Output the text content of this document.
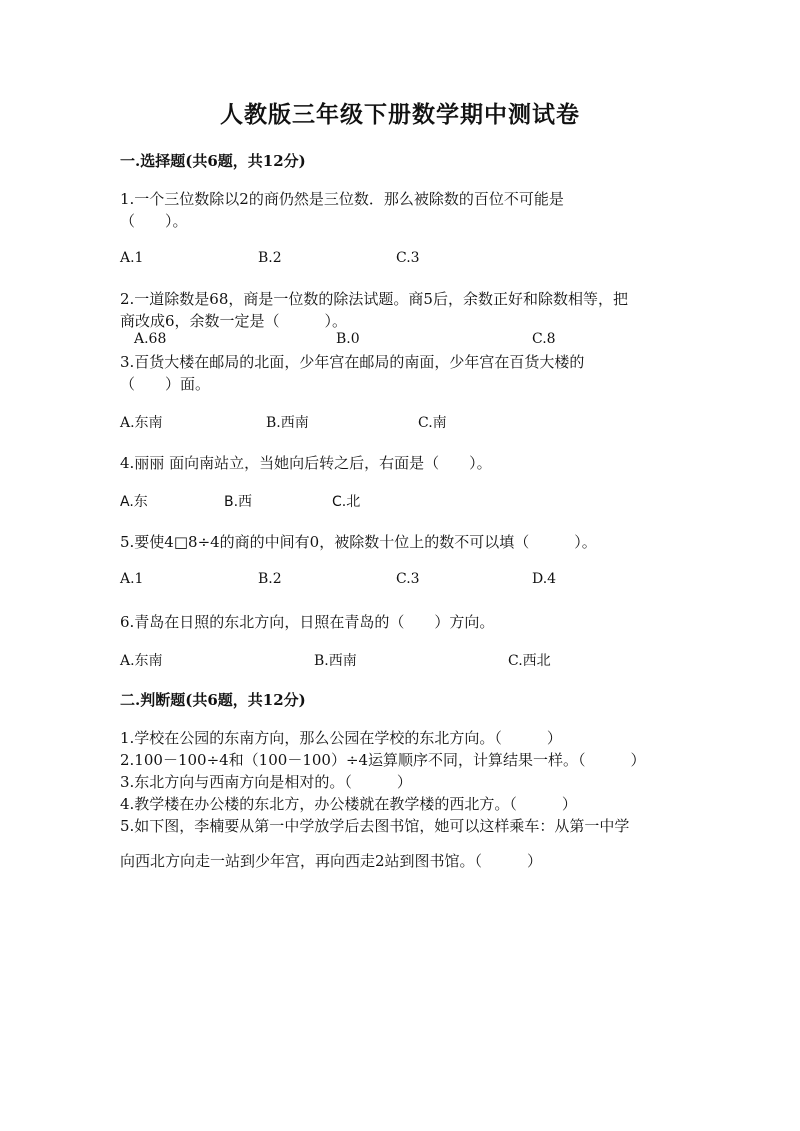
人教版三年级下册数学期中测试卷
一.选择题(共6题，共12分)
1.一个三位数除以2的商仍然是三位数．那么被除数的百位不可能是
（　　）。
A.1	B.2	C.3
2.一道除数是68，商是一位数的除法试题。商5后，余数正好和除数相等，把
商改成6，余数一定是（　　　）。
A.68	B.0	C.8
3.百货大楼在邮局的北面，少年宫在邮局的南面，少年宫在百货大楼的
（　　）面。
A.东南	B.西南	C.南
4.丽丽 面向南站立，当她向后转之后，右面是（　　）。
A.东	B.西	C.北
5.要使4□8÷4的商的中间有0，被除数十位上的数不可以填（　　　）。
A.1	B.2	C.3	D.4
6.青岛在日照的东北方向，日照在青岛的（　　）方向。
A.东南	B.西南	C.西北
二.判断题(共6题，共12分)
1.学校在公园的东南方向，那么公园在学校的东北方向。（　　　）
2.100－100÷4和（100－100）÷4运算顺序不同，计算结果一样。（　　　）
3.东北方向与西南方向是相对的。（　　　）
4.教学楼在办公楼的东北方，办公楼就在教学楼的西北方。（　　　）
5.如下图，李楠要从第一中学放学后去图书馆，她可以这样乘车：从第一中学
向西北方向走一站到少年宫，再向西走2站到图书馆。（　　　）
